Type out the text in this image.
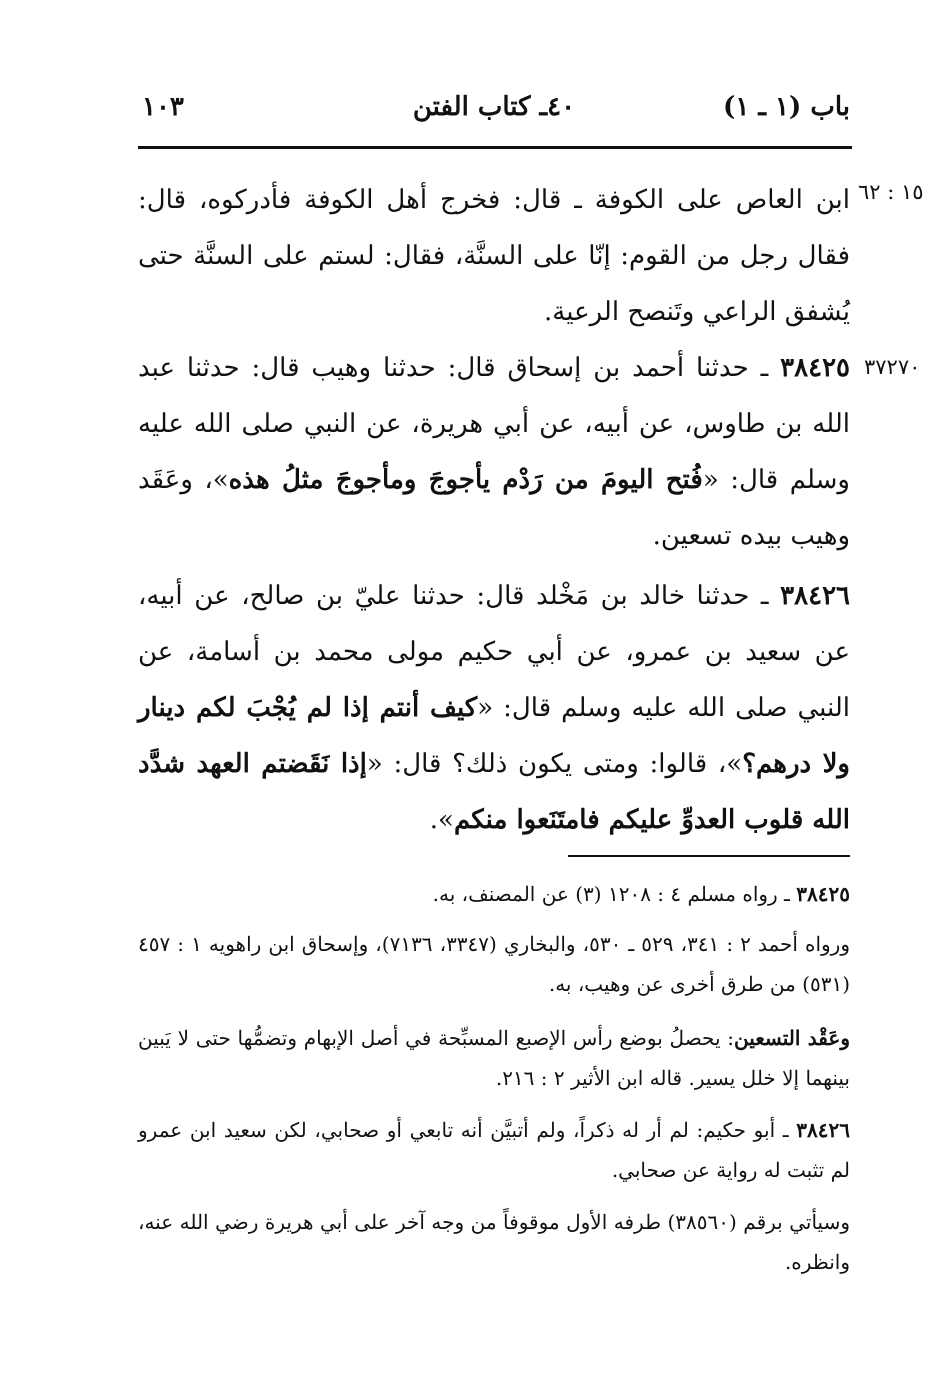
باب (١ ـ ١)
٤٠ـ كتاب الفتن
١٠٣
١٥ : ٦٢
٣٧٢٧٠

ابن العاص على الكوفة ـ قال: فخرج أهل الكوفة فأدركوه، قال: فقال رجل من القوم: إنّا على السنَّة، فقال: لستم على السنَّة حتى يُشفق الراعي وتَنصح الرعية.

٣٨٤٢٥ ـ حدثنا أحمد بن إسحاق قال: حدثنا وهيب قال: حدثنا عبد الله بن طاوس، عن أبيه، عن أبي هريرة، عن النبي صلى الله عليه وسلم قال: «فُتح اليومَ من رَدْم يأجوجَ ومأجوجَ مثلُ هذه»، وعَقَد وهيب بيده تسعين.

٣٨٤٢٦ ـ حدثنا خالد بن مَخْلد قال: حدثنا عليّ بن صالح، عن أبيه، عن سعيد بن عمرو، عن أبي حكيم مولى محمد بن أسامة، عن النبي صلى الله عليه وسلم قال: «كيف أنتم إذا لم يُجْبَ لكم دينار ولا درهم؟»، قالوا: ومتى يكون ذلك؟ قال: «إذا نَقَضتم العهد شدَّد الله قلوب العدوِّ عليكم فامتَنَعوا منكم».

٣٨٤٢٥ ـ رواه مسلم ٤ : ١٢٠٨ (٣) عن المصنف، به.

ورواه أحمد ٢ : ٣٤١، ٥٢٩ ـ ٥٣٠، والبخاري (٣٣٤٧، ٧١٣٦)، وإسحاق ابن راهويه ١ : ٤٥٧ (٥٣١) من طرق أخرى عن وهيب، به.

وعَقْد التسعين: يحصلُ بوضع رأس الإصبع المسبِّحة في أصل الإبهام وتضمُّها حتى لا يَبين بينهما إلا خلل يسير. قاله ابن الأثير ٢ : ٢١٦.

٣٨٤٢٦ ـ أبو حكيم: لم أر له ذكراً، ولم أتبيَّن أنه تابعي أو صحابي، لكن سعيد ابن عمرو لم تثبت له رواية عن صحابي.

وسيأتي برقم (٣٨٥٦٠) طرفه الأول موقوفاً من وجه آخر على أبي هريرة رضي الله عنه، وانظره.
